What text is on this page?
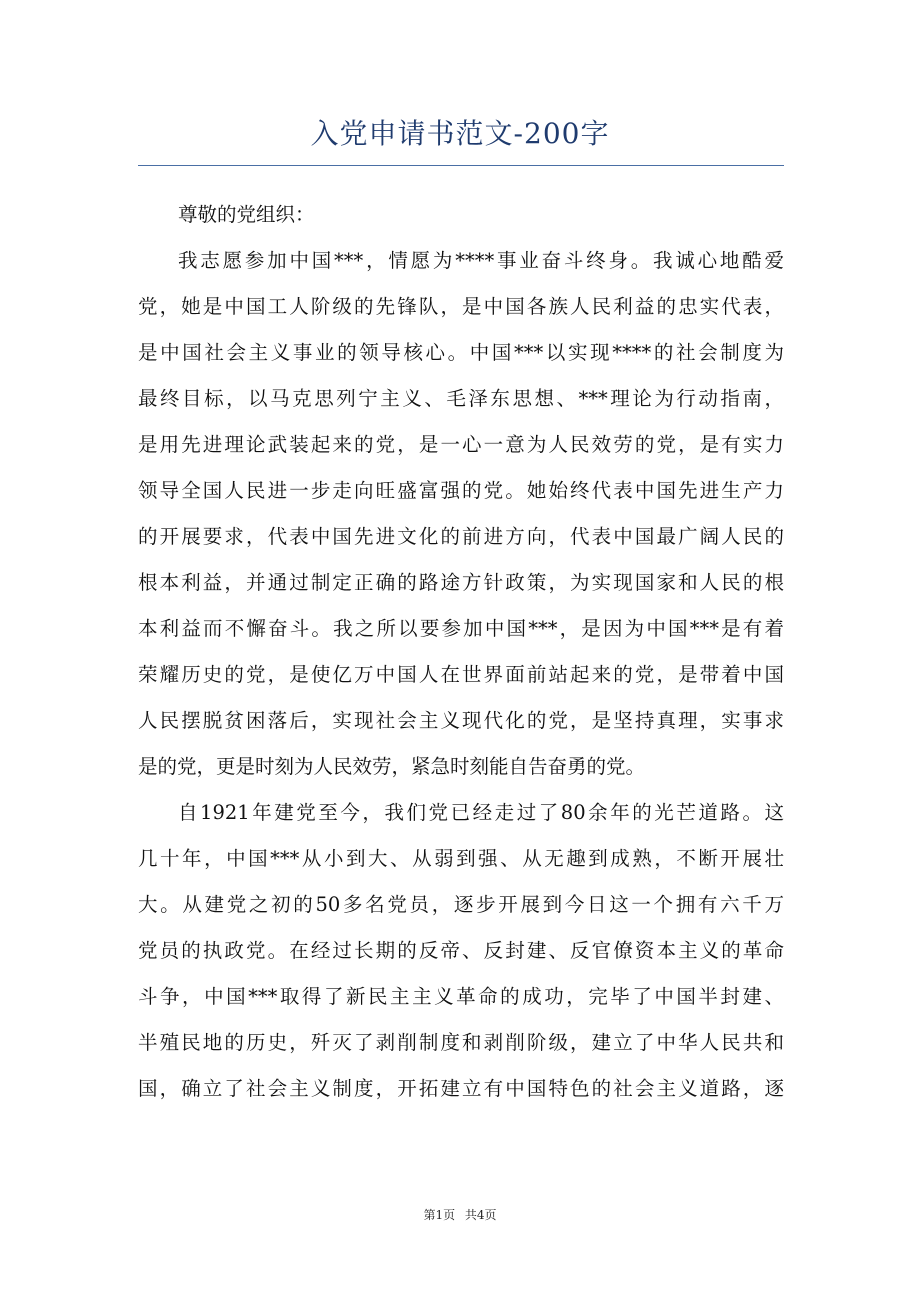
入党申请书范文-200字

尊敬的党组织：

我志愿参加中国***，情愿为****事业奋斗终身。我诚心地酷爱
党，她是中国工人阶级的先锋队，是中国各族人民利益的忠实代表，
是中国社会主义事业的领导核心。中国***以实现****的社会制度为
最终目标，以马克思列宁主义、毛泽东思想、***理论为行动指南，
是用先进理论武装起来的党，是一心一意为人民效劳的党，是有实力
领导全国人民进一步走向旺盛富强的党。她始终代表中国先进生产力
的开展要求，代表中国先进文化的前进方向，代表中国最广阔人民的
根本利益，并通过制定正确的路途方针政策，为实现国家和人民的根
本利益而不懈奋斗。我之所以要参加中国***，是因为中国***是有着
荣耀历史的党，是使亿万中国人在世界面前站起来的党，是带着中国
人民摆脱贫困落后，实现社会主义现代化的党，是坚持真理，实事求
是的党，更是时刻为人民效劳，紧急时刻能自告奋勇的党。
自1921年建党至今，我们党已经走过了80余年的光芒道路。这
几十年，中国***从小到大、从弱到强、从无趣到成熟，不断开展壮
大。从建党之初的50多名党员，逐步开展到今日这一个拥有六千万
党员的执政党。在经过长期的反帝、反封建、反官僚资本主义的革命
斗争，中国***取得了新民主主义革命的成功，完毕了中国半封建、
半殖民地的历史，歼灭了剥削制度和剥削阶级，建立了中华人民共和
国，确立了社会主义制度，开拓建立有中国特色的社会主义道路，逐
第1页 共4页
